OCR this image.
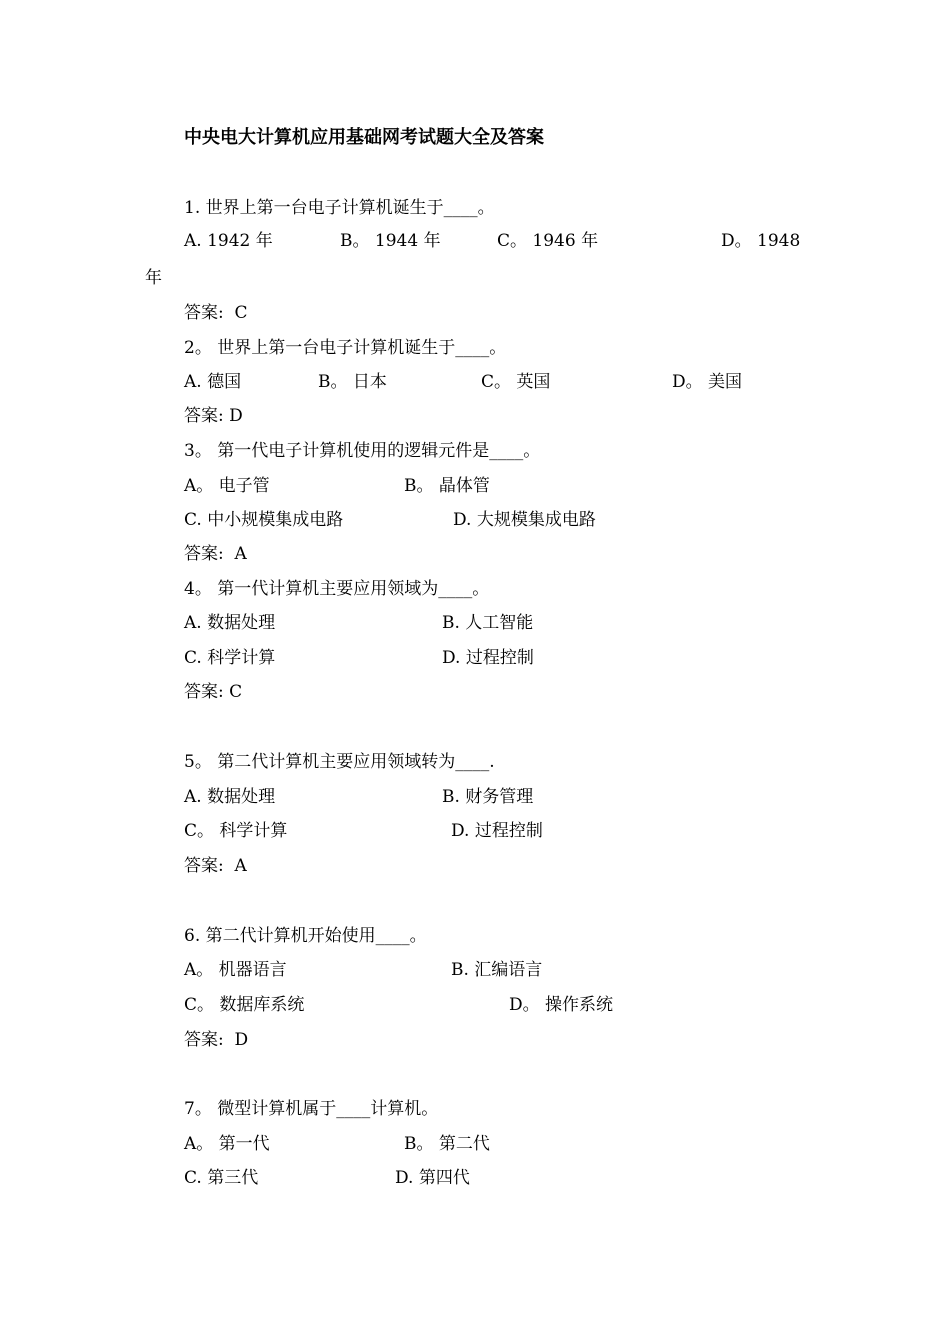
中央电大计算机应用基础网考试题大全及答案
1. 世界上第一台电子计算机诞生于____。
A. 1942 年	B。 1944 年	C。 1946 年	D。 1948
年
答案:  C
2。 世界上第一台电子计算机诞生于____。
A. 德国	B。 日本	C。 英国	D。 美国
答案: D
3。 第一代电子计算机使用的逻辑元件是____。
A。 电子管	B。 晶体管
C. 中小规模集成电路	D. 大规模集成电路
答案:  A
4。 第一代计算机主要应用领域为____。
A. 数据处理	B. 人工智能
C. 科学计算	D. 过程控制
答案: C
5。 第二代计算机主要应用领域转为____.
A. 数据处理	B. 财务管理
C。 科学计算	D. 过程控制
答案:  A
6. 第二代计算机开始使用____。
A。 机器语言	B. 汇编语言
C。 数据库系统	D。 操作系统
答案:  D
7。 微型计算机属于____计算机。
A。 第一代	B。 第二代
C. 第三代	D. 第四代
